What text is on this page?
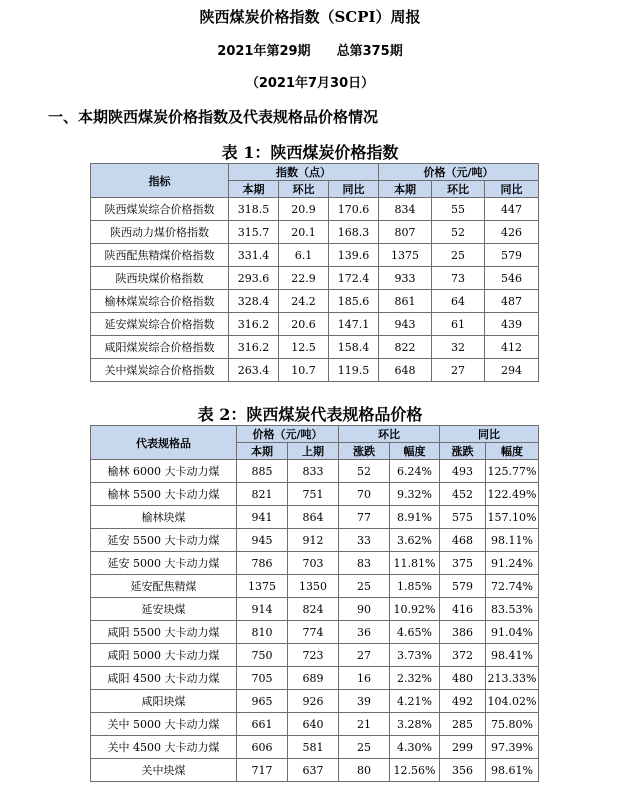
陕西煤炭价格指数（SCPI）周报
2021年第29期 总第375期
（2021年7月30日）
一、本期陕西煤炭价格指数及代表规格品价格情况
表 1：陕西煤炭价格指数
指标	指数（点）			价格（元/吨）		
	本期	环比	同比	本期	环比	同比
陕西煤炭综合价格指数	318.5	20.9	170.6	834	55	447
陕西动力煤价格指数	315.7	20.1	168.3	807	52	426
陕西配焦精煤价格指数	331.4	6.1	139.6	1375	25	579
陕西块煤价格指数	293.6	22.9	172.4	933	73	546
榆林煤炭综合价格指数	328.4	24.2	185.6	861	64	487
延安煤炭综合价格指数	316.2	20.6	147.1	943	61	439
咸阳煤炭综合价格指数	316.2	12.5	158.4	822	32	412
关中煤炭综合价格指数	263.4	10.7	119.5	648	27	294
表 2：陕西煤炭代表规格品价格
代表规格品	价格（元/吨）		环比		同比	
	本期	上期	涨跌	幅度	涨跌	幅度
榆林 6000 大卡动力煤	885	833	52	6.24%	493	125.77%
榆林 5500 大卡动力煤	821	751	70	9.32%	452	122.49%
榆林块煤	941	864	77	8.91%	575	157.10%
延安 5500 大卡动力煤	945	912	33	3.62%	468	98.11%
延安 5000 大卡动力煤	786	703	83	11.81%	375	91.24%
延安配焦精煤	1375	1350	25	1.85%	579	72.74%
延安块煤	914	824	90	10.92%	416	83.53%
咸阳 5500 大卡动力煤	810	774	36	4.65%	386	91.04%
咸阳 5000 大卡动力煤	750	723	27	3.73%	372	98.41%
咸阳 4500 大卡动力煤	705	689	16	2.32%	480	213.33%
咸阳块煤	965	926	39	4.21%	492	104.02%
关中 5000 大卡动力煤	661	640	21	3.28%	285	75.80%
关中 4500 大卡动力煤	606	581	25	4.30%	299	97.39%
关中块煤	717	637	80	12.56%	356	98.61%
